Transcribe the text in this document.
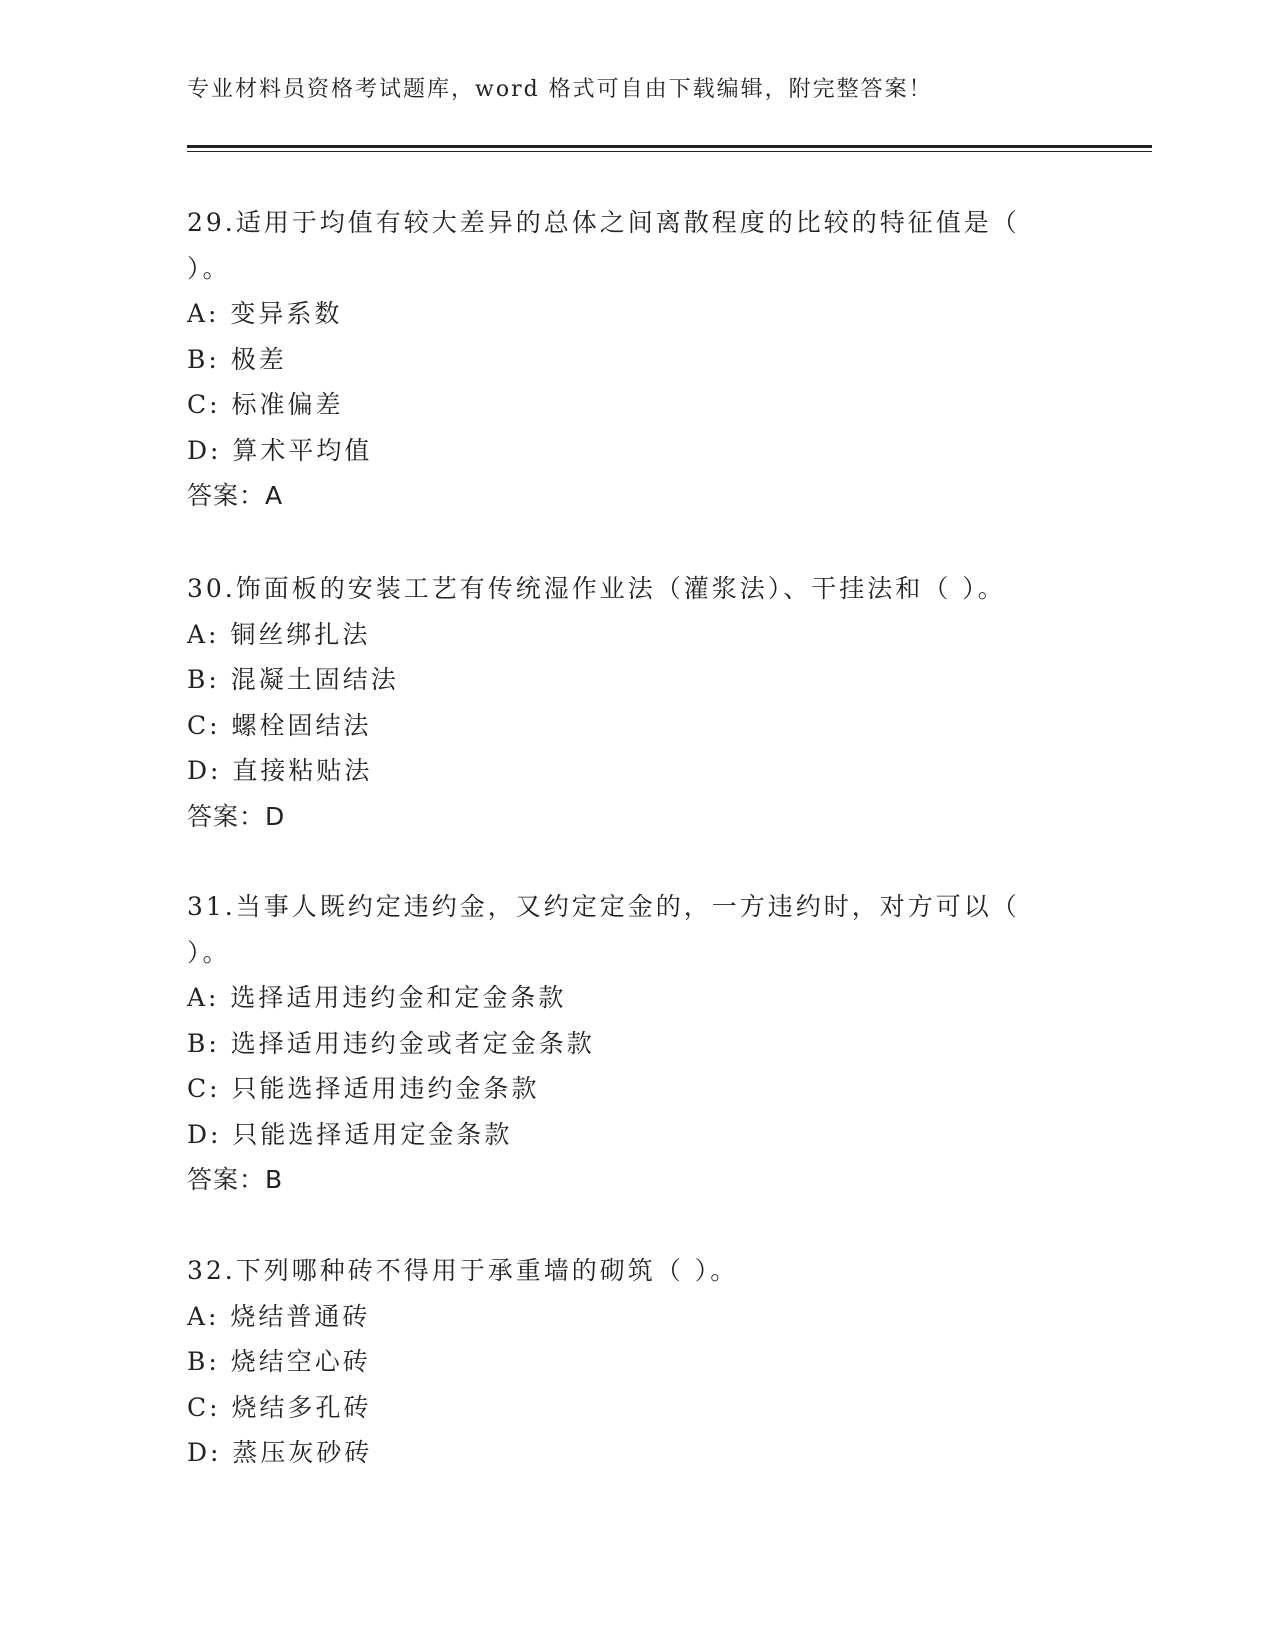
专业材料员资格考试题库，word 格式可自由下载编辑，附完整答案！
29.适用于均值有较大差异的总体之间离散程度的比较的特征值是（
）。
A: 变异系数
B: 极差
C: 标准偏差
D: 算术平均值
答案：A
30.饰面板的安装工艺有传统湿作业法（灌浆法）、干挂法和（ ）。
A: 铜丝绑扎法
B: 混凝土固结法
C: 螺栓固结法
D: 直接粘贴法
答案：D
31.当事人既约定违约金，又约定定金的，一方违约时，对方可以（
）。
A: 选择适用违约金和定金条款
B: 选择适用违约金或者定金条款
C: 只能选择适用违约金条款
D: 只能选择适用定金条款
答案：B
32.下列哪种砖不得用于承重墙的砌筑（ ）。
A: 烧结普通砖
B: 烧结空心砖
C: 烧结多孔砖
D: 蒸压灰砂砖
